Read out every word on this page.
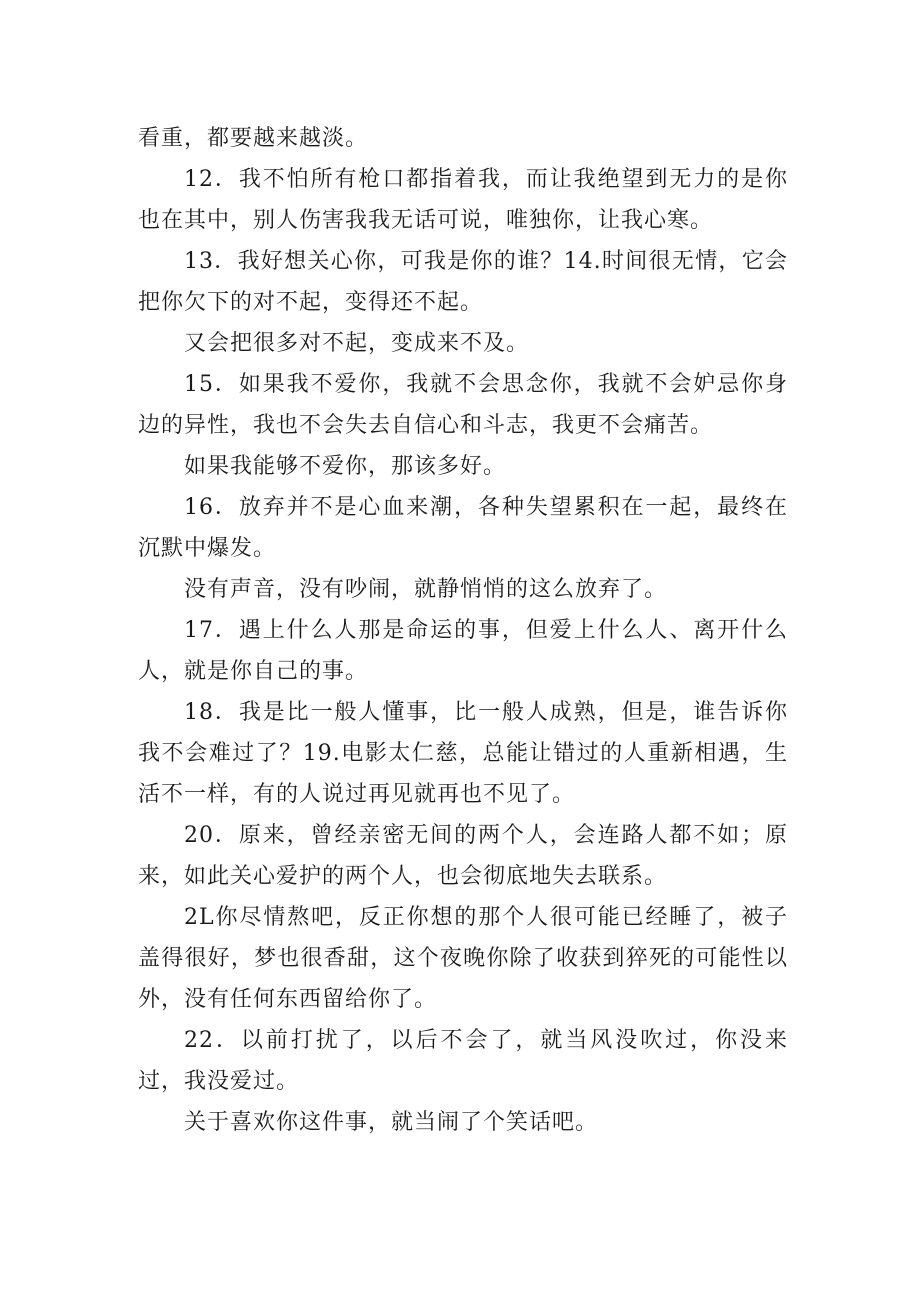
看重，都要越来越淡。

12．我不怕所有枪口都指着我，而让我绝望到无力的是你也在其中，别人伤害我我无话可说，唯独你，让我心寒。

13．我好想关心你，可我是你的谁？14.时间很无情，它会把你欠下的对不起，变得还不起。

又会把很多对不起，变成来不及。

15．如果我不爱你，我就不会思念你，我就不会妒忌你身边的异性，我也不会失去自信心和斗志，我更不会痛苦。

如果我能够不爱你，那该多好。

16．放弃并不是心血来潮，各种失望累积在一起，最终在沉默中爆发。

没有声音，没有吵闹，就静悄悄的这么放弃了。

17．遇上什么人那是命运的事，但爱上什么人、离开什么人，就是你自己的事。

18．我是比一般人懂事，比一般人成熟，但是，谁告诉你我不会难过了？19.电影太仁慈，总能让错过的人重新相遇，生活不一样，有的人说过再见就再也不见了。

20．原来，曾经亲密无间的两个人，会连路人都不如；原来，如此关心爱护的两个人，也会彻底地失去联系。

2L你尽情熬吧，反正你想的那个人很可能已经睡了，被子盖得很好，梦也很香甜，这个夜晚你除了收获到猝死的可能性以外，没有任何东西留给你了。

22．以前打扰了，以后不会了，就当风没吹过，你没来过，我没爱过。

关于喜欢你这件事，就当闹了个笑话吧。
